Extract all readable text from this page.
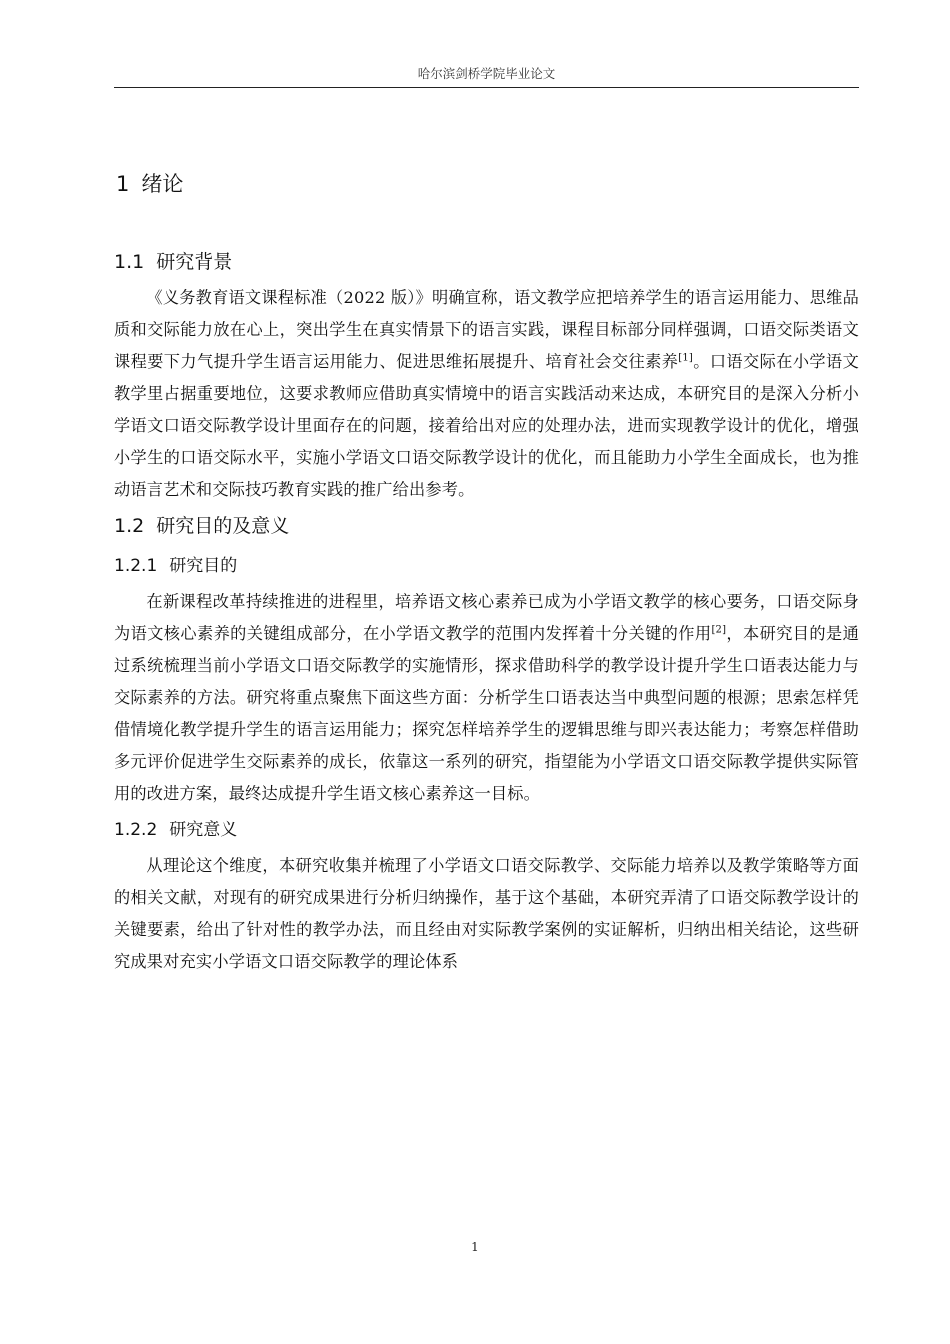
哈尔滨剑桥学院毕业论文
1 绪论
1.1 研究背景

《义务教育语文课程标准（2022 版）》明确宣称，语文教学应把培养学生的语言运用能力、思维品质和交际能力放在心上，突出学生在真实情景下的语言实践，课程目标部分同样强调，口语交际类语文课程要下力气提升学生语言运用能力、促进思维拓展提升、培育社会交往素养[1]。口语交际在小学语文教学里占据重要地位，这要求教师应借助真实情境中的语言实践活动来达成，本研究目的是深入分析小学语文口语交际教学设计里面存在的问题，接着给出对应的处理办法，进而实现教学设计的优化，增强小学生的口语交际水平，实施小学语文口语交际教学设计的优化，而且能助力小学生全面成长，也为推动语言艺术和交际技巧教育实践的推广给出参考。

1.2 研究目的及意义
1.2.1 研究目的

在新课程改革持续推进的进程里，培养语文核心素养已成为小学语文教学的核心要务，口语交际身为语文核心素养的关键组成部分，在小学语文教学的范围内发挥着十分关键的作用[2]，本研究目的是通过系统梳理当前小学语文口语交际教学的实施情形，探求借助科学的教学设计提升学生口语表达能力与交际素养的方法。研究将重点聚焦下面这些方面：分析学生口语表达当中典型问题的根源；思索怎样凭借情境化教学提升学生的语言运用能力；探究怎样培养学生的逻辑思维与即兴表达能力；考察怎样借助多元评价促进学生交际素养的成长，依靠这一系列的研究，指望能为小学语文口语交际教学提供实际管用的改进方案，最终达成提升学生语文核心素养这一目标。

1.2.2 研究意义

从理论这个维度，本研究收集并梳理了小学语文口语交际教学、交际能力培养以及教学策略等方面的相关文献，对现有的研究成果进行分析归纳操作，基于这个基础，本研究弄清了口语交际教学设计的关键要素，给出了针对性的教学办法，而且经由对实际教学案例的实证解析，归纳出相关结论，这些研究成果对充实小学语文口语交际教学的理论体系

1
